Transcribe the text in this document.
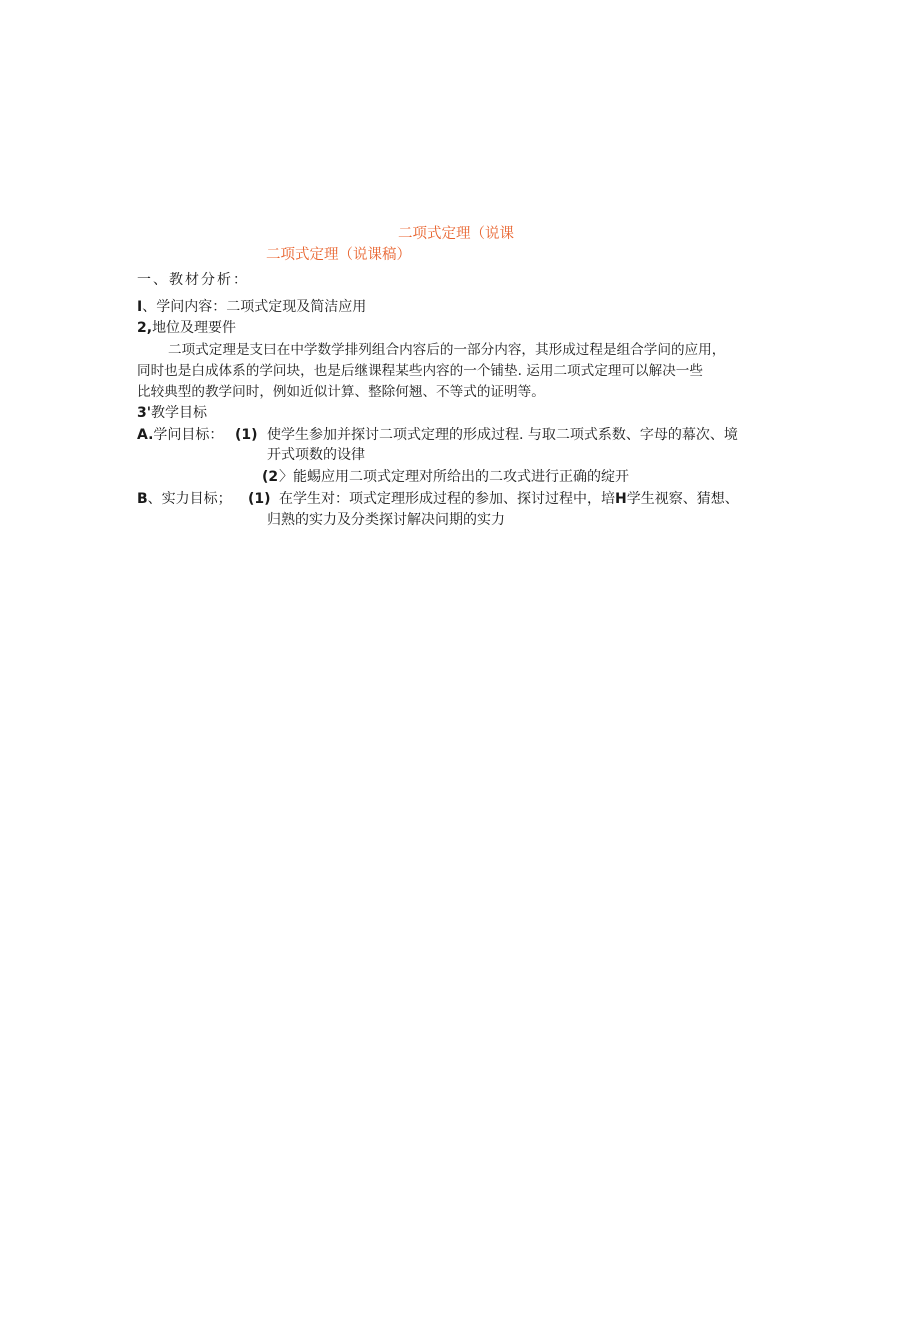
二项式定理（说课
二项式定理（说课稿）
一、教材分析：
I、学问内容：二项式定现及简洁应用
2,地位及理要件
二项式定理是支曰在中学数学排列组合内容后的一部分内容，其形成过程是组合学问的应用，
同时也是白成体系的学问块，也是后继课程某些内容的一个铺垫. 运用二项式定理可以解决一些
比较典型的教学问时，例如近似计算、整除何翘、不等式的证明等。
3'教学目标
A.学问目标： (1) 使学生参加并探讨二项式定理的形成过程. 与取二项式系数、字母的幕次、境
开式项数的设律
(2 〉能蜴应用二项式定理对所给出的二攻式进行正确的绽开
B、实力目标； (1) 在学生对：项式定理形成过程的参加、探讨过程中，培H学生视察、猜想、
归熟的实力及分类探讨解决问期的实力
